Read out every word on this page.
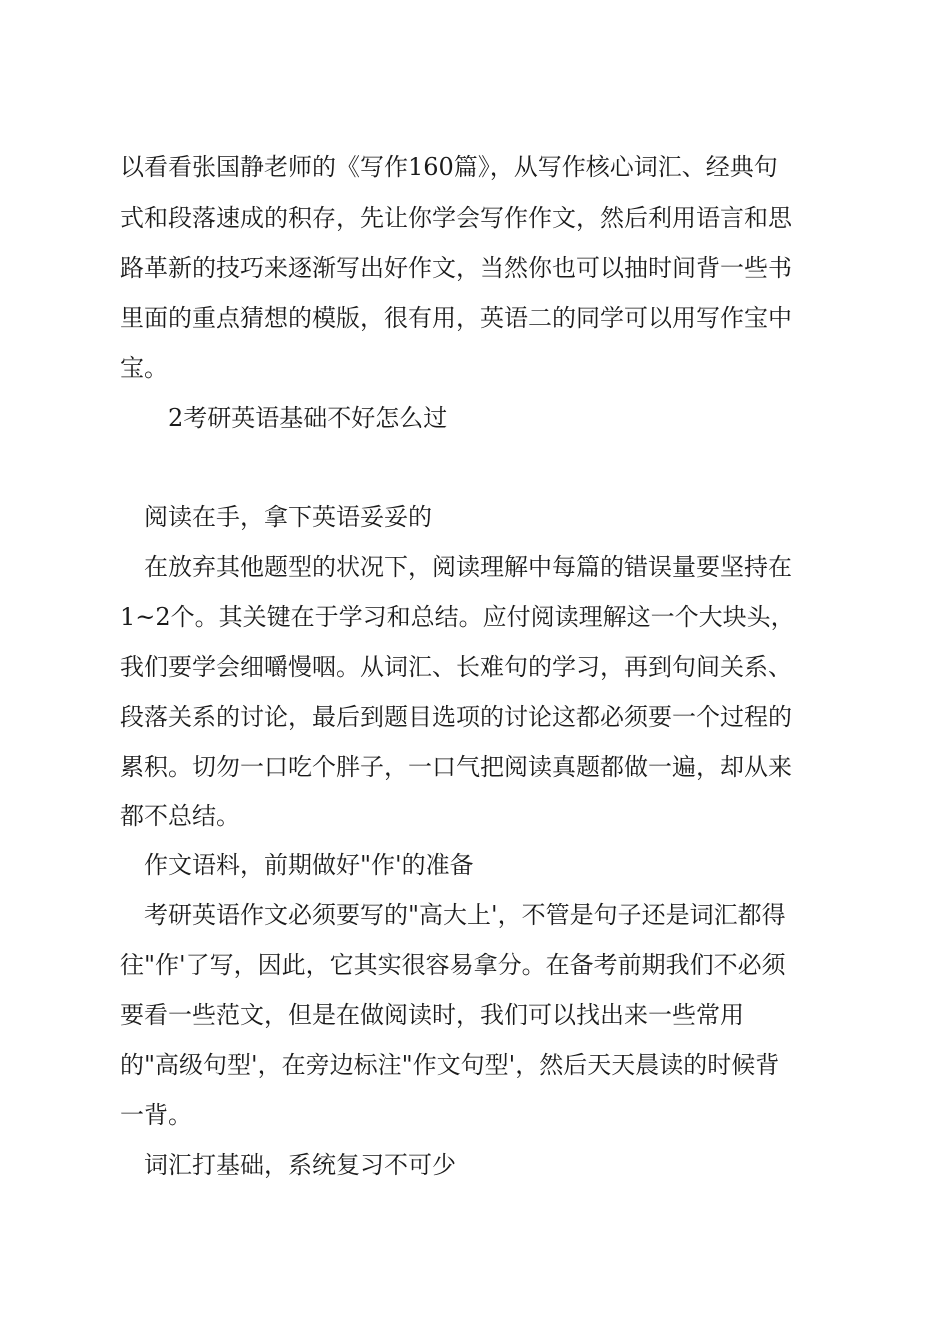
以看看张国静老师的《写作160篇》，从写作核心词汇、经典句
式和段落速成的积存，先让你学会写作作文，然后利用语言和思
路革新的技巧来逐渐写出好作文，当然你也可以抽时间背一些书
里面的重点猜想的模版，很有用，英语二的同学可以用写作宝中
宝。
2考研英语基础不好怎么过
阅读在手，拿下英语妥妥的
在放弃其他题型的状况下，阅读理解中每篇的错误量要坚持在
1~2个。其关键在于学习和总结。应付阅读理解这一个大块头，
我们要学会细嚼慢咽。从词汇、长难句的学习，再到句间关系、
段落关系的讨论，最后到题目选项的讨论这都必须要一个过程的
累积。切勿一口吃个胖子，一口气把阅读真题都做一遍，却从来
都不总结。
作文语料，前期做好"作'的准备
考研英语作文必须要写的"高大上'，不管是句子还是词汇都得
往"作'了写，因此，它其实很容易拿分。在备考前期我们不必须
要看一些范文，但是在做阅读时，我们可以找出来一些常用
的"高级句型'，在旁边标注"作文句型'，然后天天晨读的时候背
一背。
词汇打基础，系统复习不可少
